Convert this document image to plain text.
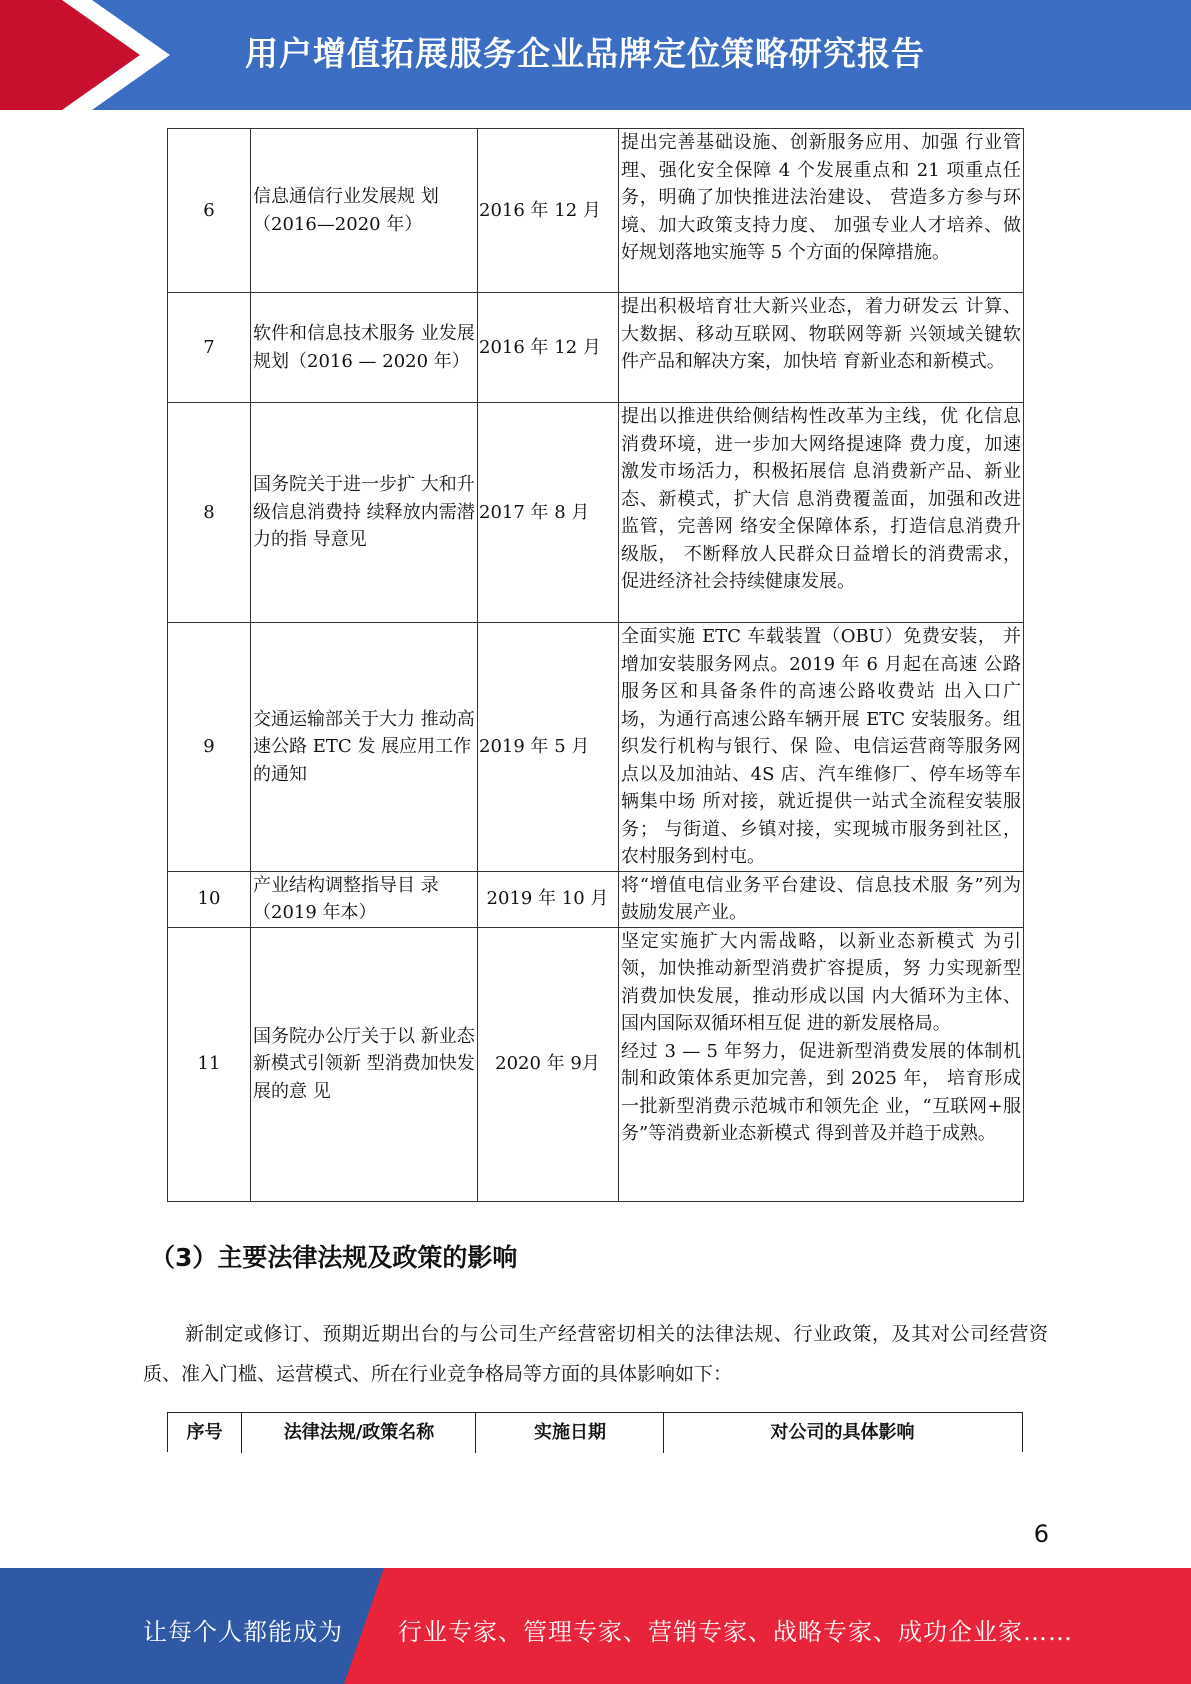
用户增值拓展服务企业品牌定位策略研究报告
6	信息通信行业发展规 划（2016—2020 年）	2016 年 12 月	提出完善基础设施、创新服务应用、加强 行业管理、强化安全保障 4 个发展重点和 21 项重点任务，明确了加快推进法治建设、 营造多方参与环境、加大政策支持力度、 加强专业人才培养、做好规划落地实施等 5 个方面的保障措施。
7	软件和信息技术服务 业发展规划（2016 — 2020 年）	2016 年 12 月	提出积极培育壮大新兴业态，着力研发云 计算、大数据、移动互联网、物联网等新 兴领域关键软件产品和解决方案，加快培 育新业态和新模式。
8	国务院关于进一步扩 大和升级信息消费持 续释放内需潜力的指 导意见	2017 年 8 月	提出以推进供给侧结构性改革为主线，优 化信息消费环境，进一步加大网络提速降 费力度，加速激发市场活力，积极拓展信 息消费新产品、新业态、新模式，扩大信 息消费覆盖面，加强和改进监管，完善网 络安全保障体系，打造信息消费升级版， 不断释放人民群众日益增长的消费需求， 促进经济社会持续健康发展。
9	交通运输部关于大力 推动高速公路 ETC 发 展应用工作的通知	2019 年 5 月	全面实施 ETC 车载装置（OBU）免费安装， 并增加安装服务网点。2019 年 6 月起在高速 公路服务区和具备条件的高速公路收费站 出入口广场，为通行高速公路车辆开展 ETC 安装服务。组织发行机构与银行、保 险、电信运营商等服务网点以及加油站、4S 店、汽车维修厂、停车场等车辆集中场 所对接，就近提供一站式全流程安装服务； 与街道、乡镇对接，实现城市服务到社区， 农村服务到村屯。
10	产业结构调整指导目 录（2019 年本）	2019 年 10 月	将“增值电信业务平台建设、信息技术服 务”列为鼓励发展产业。
11	国务院办公厅关于以 新业态新模式引领新 型消费加快发展的意 见	2020 年 9月	坚定实施扩大内需战略，以新业态新模式 为引领，加快推动新型消费扩容提质，努 力实现新型消费加快发展，推动形成以国 内大循环为主体、国内国际双循环相互促 进的新发展格局。
经过 3 — 5 年努力，促进新型消费发展的体制机制和政策体系更加完善，到 2025 年， 培育形成一批新型消费示范城市和领先企 业，“互联网+服务”等消费新业态新模式 得到普及并趋于成熟。
（3）主要法律法规及政策的影响
新制定或修订、预期近期出台的与公司生产经营密切相关的法律法规、行业政策，及其对公司经营资质、准入门槛、运营模式、所在行业竞争格局等方面的具体影响如下：
序号	法律法规/政策名称	实施日期	对公司的具体影响
6
让每个人都能成为 行业专家、管理专家、营销专家、战略专家、成功企业家……
